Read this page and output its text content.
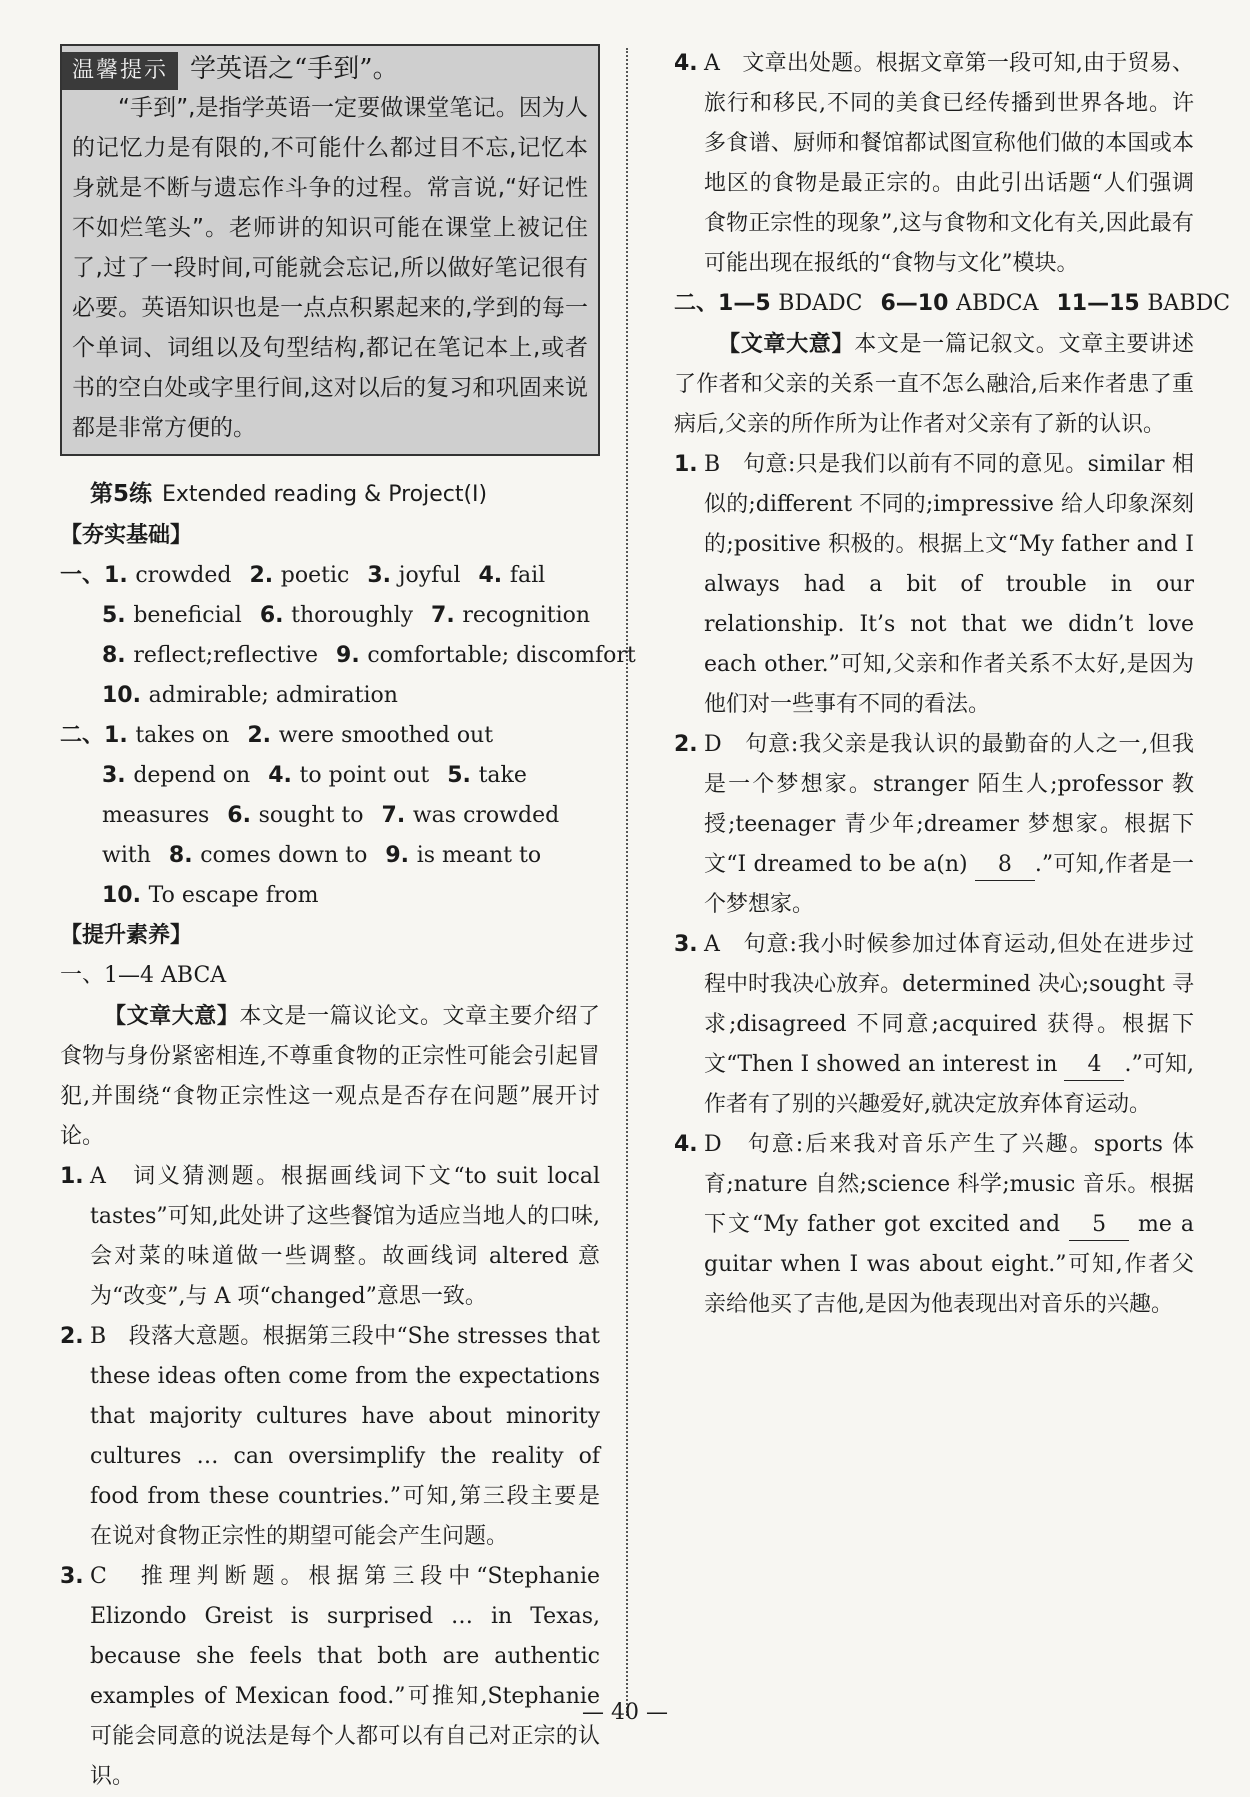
温馨提示 学英语之“手到”。
“手到”,是指学英语一定要做课堂笔记。因为人的记忆力是有限的,不可能什么都过目不忘,记忆本身就是不断与遗忘作斗争的过程。常言说,“好记性不如烂笔头”。老师讲的知识可能在课堂上被记住了,过了一段时间,可能就会忘记,所以做好笔记很有必要。英语知识也是一点点积累起来的,学到的每一个单词、词组以及句型结构,都记在笔记本上,或者书的空白处或字里行间,这对以后的复习和巩固来说都是非常方便的。
第5练 Extended reading & Project(Ⅰ)
【夯实基础】
一、1. crowded 2. poetic 3. joyful 4. fail
5. beneficial 6. thoroughly 7. recognition
8. reflect;reflective 9. comfortable; discomfort
10. admirable; admiration
二、1. takes on 2. were smoothed out
3. depend on 4. to point out 5. take
measures 6. sought to 7. was crowded
with 8. comes down to 9. is meant to
10. To escape from
【提升素养】
一、1—4 ABCA
【文章大意】本文是一篇议论文。文章主要介绍了食物与身份紧密相连,不尊重食物的正宗性可能会引起冒犯,并围绕“食物正宗性这一观点是否存在问题”展开讨论。
1. A　词义猜测题。根据画线词下文“to suit local tastes”可知,此处讲了这些餐馆为适应当地人的口味,会对菜的味道做一些调整。故画线词 altered 意为“改变”,与 A 项“changed”意思一致。
2. B　段落大意题。根据第三段中“She stresses that these ideas often come from the expectations that majority cultures have about minority cultures … can oversimplify the reality of food from these countries.”可知,第三段主要是在说对食物正宗性的期望可能会产生问题。
3. C　推理判断题。根据第三段中“Stephanie Elizondo Greist is surprised … in Texas, because she feels that both are authentic examples of Mexican food.”可推知,Stephanie 可能会同意的说法是每个人都可以有自己对正宗的认识。
4. A　文章出处题。根据文章第一段可知,由于贸易、旅行和移民,不同的美食已经传播到世界各地。许多食谱、厨师和餐馆都试图宣称他们做的本国或本地区的食物是最正宗的。由此引出话题“人们强调食物正宗性的现象”,这与食物和文化有关,因此最有可能出现在报纸的“食物与文化”模块。
二、1—5 BDADC 6—10 ABDCA 11—15 BABDC
【文章大意】本文是一篇记叙文。文章主要讲述了作者和父亲的关系一直不怎么融洽,后来作者患了重病后,父亲的所作所为让作者对父亲有了新的认识。
1. B　句意:只是我们以前有不同的意见。similar 相似的;different 不同的;impressive 给人印象深刻的;positive 积极的。根据上文“My father and I always had a bit of trouble in our relationship. It’s not that we didn’t love each other.”可知,父亲和作者关系不太好,是因为他们对一些事有不同的看法。
2. D　句意:我父亲是我认识的最勤奋的人之一,但我是一个梦想家。stranger 陌生人;professor 教授;teenager 青少年;dreamer 梦想家。根据下文“I dreamed to be a(n) 8 .”可知,作者是一个梦想家。
3. A　句意:我小时候参加过体育运动,但处在进步过程中时我决心放弃。determined 决心;sought 寻求;disagreed 不同意;acquired 获得。根据下文“Then I showed an interest in 4 .”可知,作者有了别的兴趣爱好,就决定放弃体育运动。
4. D　句意:后来我对音乐产生了兴趣。sports 体育;nature 自然;science 科学;music 音乐。根据下文“My father got excited and 5 me a guitar when I was about eight.”可知,作者父亲给他买了吉他,是因为他表现出对音乐的兴趣。
— 40 —
